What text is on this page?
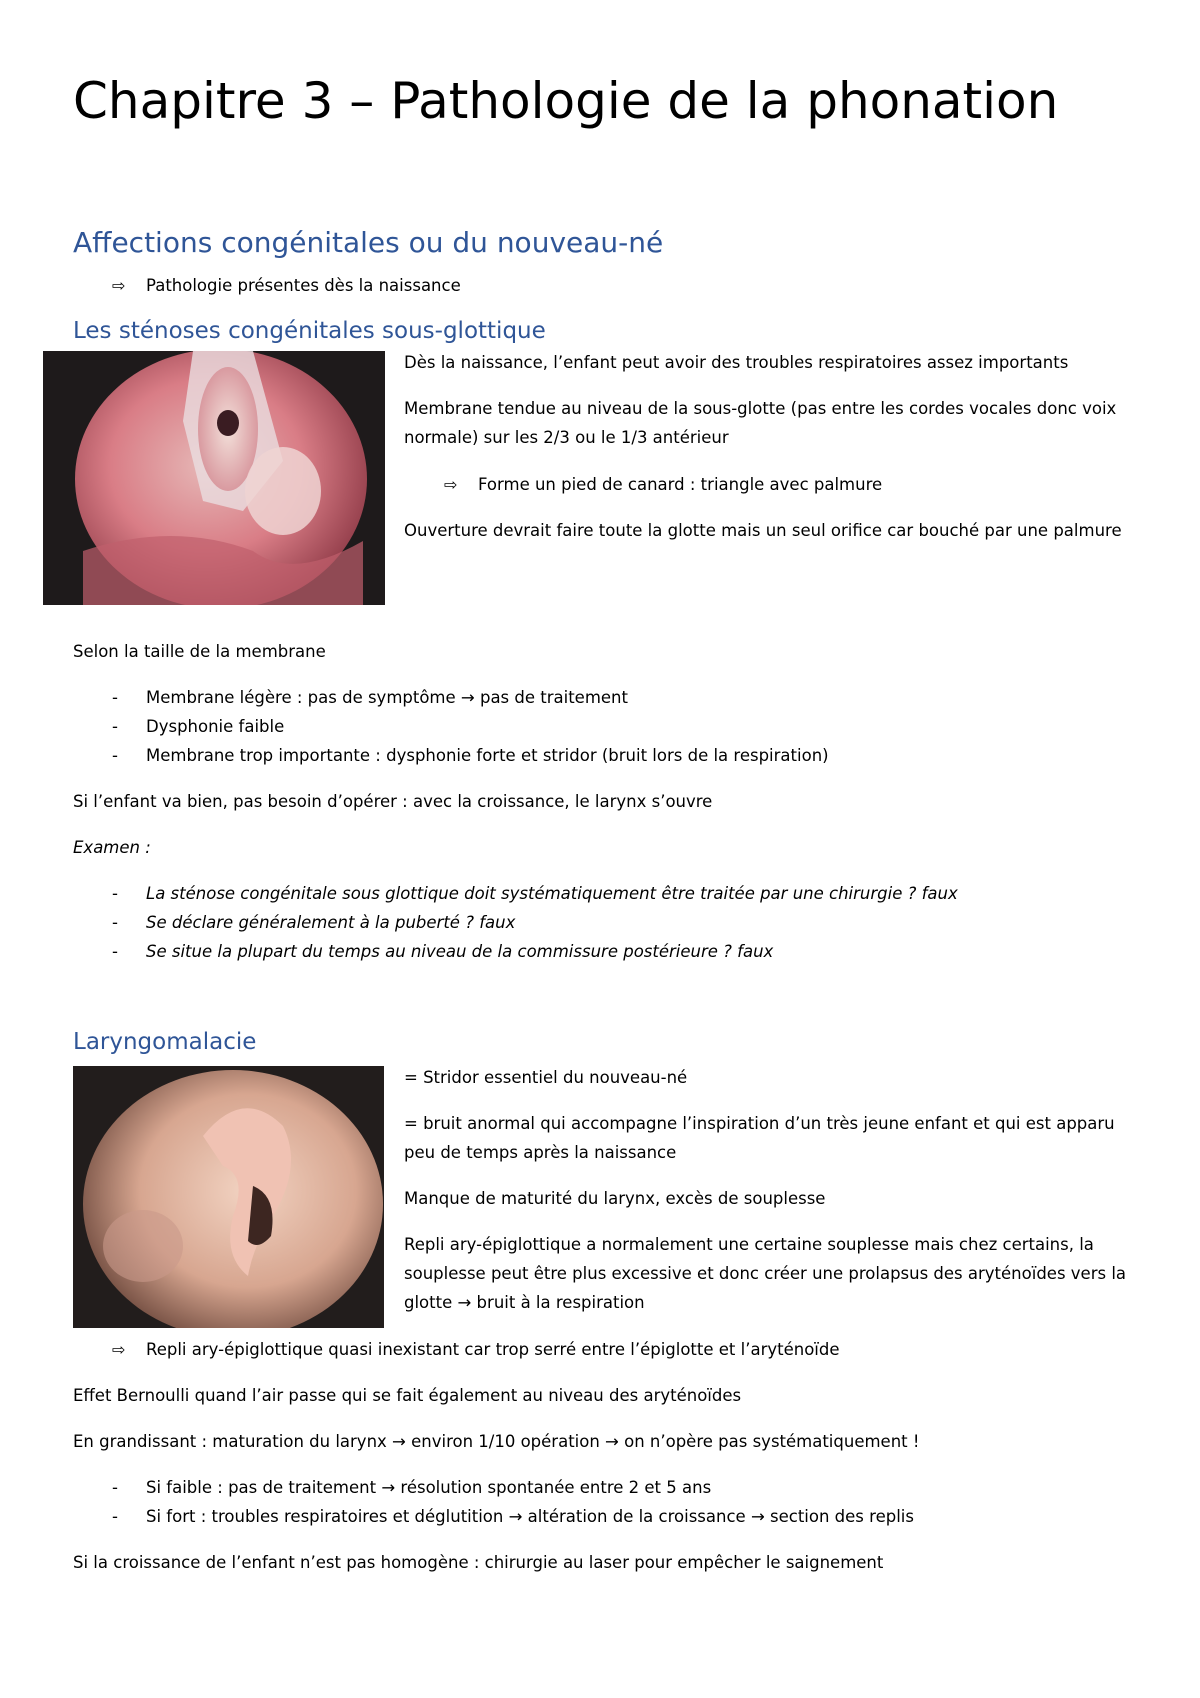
Chapitre 3 – Pathologie de la phonation
Affections congénitales ou du nouveau-né
⇨ Pathologie présentes dès la naissance
Les sténoses congénitales sous-glottique
Dès la naissance, l’enfant peut avoir des troubles respiratoires assez importants
Membrane tendue au niveau de la sous-glotte (pas entre les cordes vocales donc voix normale) sur les 2/3 ou le 1/3 antérieur
⇨ Forme un pied de canard : triangle avec palmure
Ouverture devrait faire toute la glotte mais un seul orifice car bouché par une palmure
Selon la taille de la membrane
- Membrane légère : pas de symptôme → pas de traitement
- Dysphonie faible
- Membrane trop importante : dysphonie forte et stridor (bruit lors de la respiration)
Si l’enfant va bien, pas besoin d’opérer : avec la croissance, le larynx s’ouvre
Examen :
- La sténose congénitale sous glottique doit systématiquement être traitée par une chirurgie ? faux
- Se déclare généralement à la puberté ? faux
- Se situe la plupart du temps au niveau de la commissure postérieure ? faux
Laryngomalacie
= Stridor essentiel du nouveau-né
= bruit anormal qui accompagne l’inspiration d’un très jeune enfant et qui est apparu peu de temps après la naissance
Manque de maturité du larynx, excès de souplesse
Repli ary-épiglottique a normalement une certaine souplesse mais chez certains, la souplesse peut être plus excessive et donc créer une prolapsus des aryténoïdes vers la glotte → bruit à la respiration
⇨ Repli ary-épiglottique quasi inexistant car trop serré entre l’épiglotte et l’aryténoïde
Effet Bernoulli quand l’air passe qui se fait également au niveau des aryténoïdes
En grandissant : maturation du larynx → environ 1/10 opération → on n’opère pas systématiquement !
- Si faible : pas de traitement → résolution spontanée entre 2 et 5 ans
- Si fort : troubles respiratoires et déglutition → altération de la croissance → section des replis
Si la croissance de l’enfant n’est pas homogène : chirurgie au laser pour empêcher le saignement
